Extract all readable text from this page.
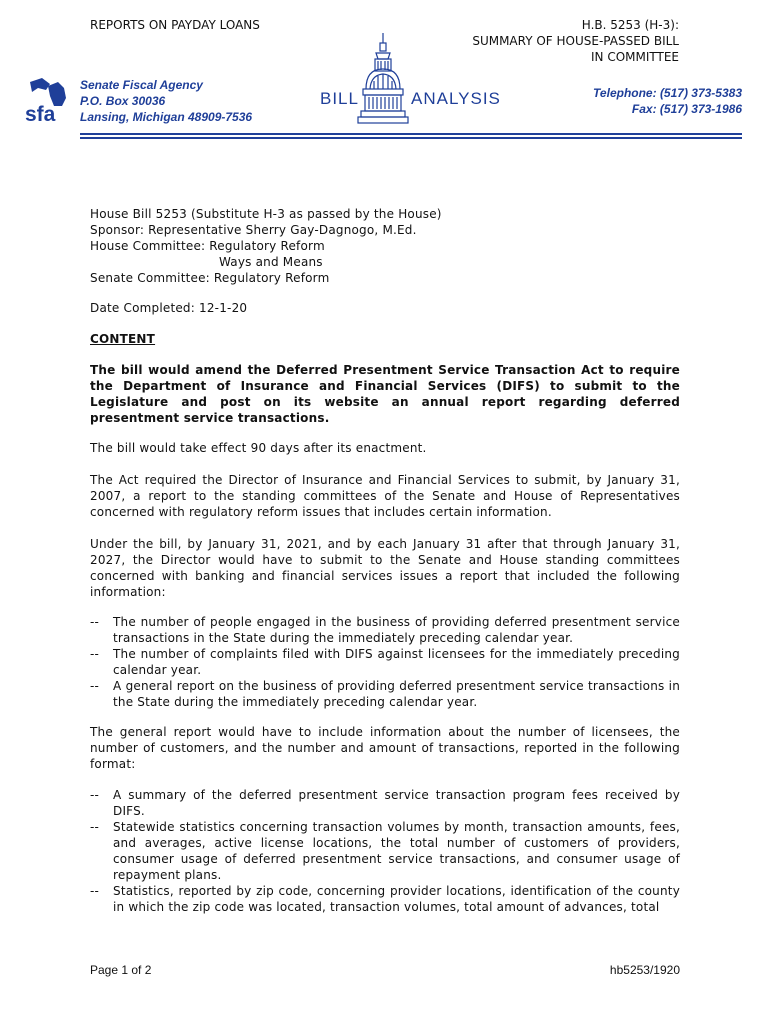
REPORTS ON PAYDAY LOANS	H.B. 5253 (H-3):
SUMMARY OF HOUSE-PASSED BILL
IN COMMITTEE
sfa
Senate Fiscal Agency
P.O. Box 30036
Lansing, Michigan 48909-7536
BILL	ANALYSIS	Telephone: (517) 373-5383
Fax: (517) 373-1986
House Bill 5253 (Substitute H-3 as passed by the House)
Sponsor: Representative Sherry Gay-Dagnogo, M.Ed.
House Committee: Regulatory Reform
Ways and Means
Senate Committee: Regulatory Reform
Date Completed: 12-1-20
CONTENT
The bill would amend the Deferred Presentment Service Transaction Act to require the Department of Insurance and Financial Services (DIFS) to submit to the Legislature and post on its website an annual report regarding deferred presentment service transactions.
The bill would take effect 90 days after its enactment.
The Act required the Director of Insurance and Financial Services to submit, by January 31, 2007, a report to the standing committees of the Senate and House of Representatives concerned with regulatory reform issues that includes certain information.
Under the bill, by January 31, 2021, and by each January 31 after that through January 31, 2027, the Director would have to submit to the Senate and House standing committees concerned with banking and financial services issues a report that included the following information:
-- The number of people engaged in the business of providing deferred presentment service transactions in the State during the immediately preceding calendar year.
-- The number of complaints filed with DIFS against licensees for the immediately preceding calendar year.
-- A general report on the business of providing deferred presentment service transactions in the State during the immediately preceding calendar year.
The general report would have to include information about the number of licensees, the number of customers, and the number and amount of transactions, reported in the following format:
-- A summary of the deferred presentment service transaction program fees received by DIFS.
-- Statewide statistics concerning transaction volumes by month, transaction amounts, fees, and averages, active license locations, the total number of customers of providers, consumer usage of deferred presentment service transactions, and consumer usage of repayment plans.
-- Statistics, reported by zip code, concerning provider locations, identification of the county in which the zip code was located, transaction volumes, total amount of advances, total
Page 1 of 2	hb5253/1920
